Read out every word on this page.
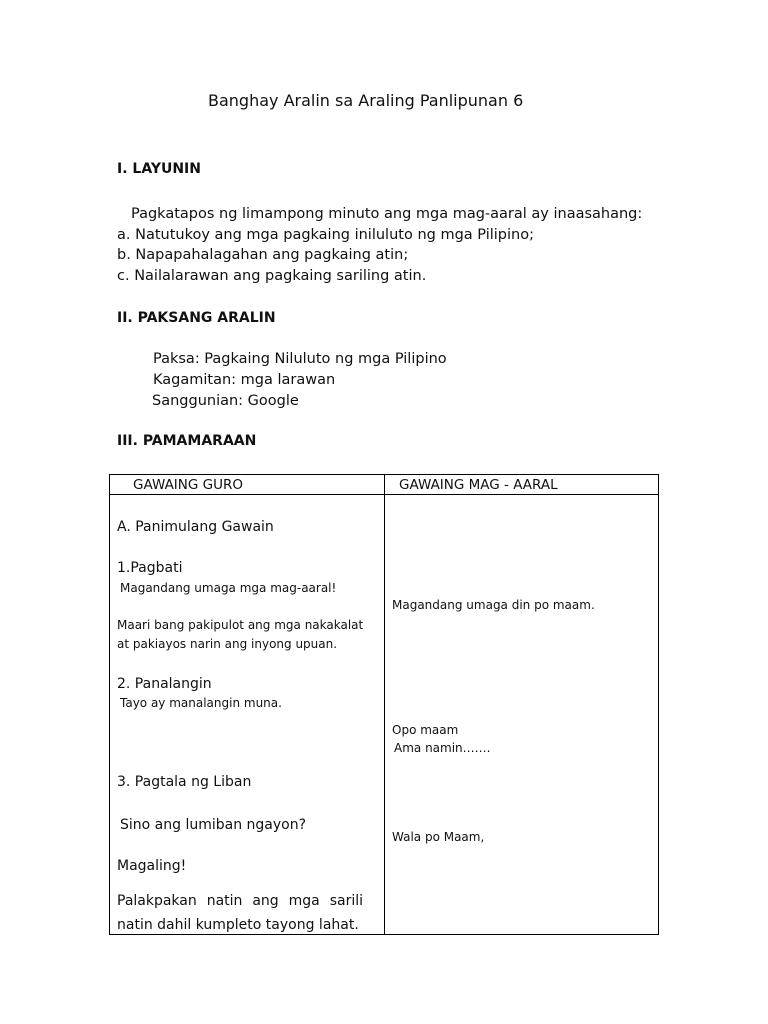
Banghay Aralin sa Araling Panlipunan 6
I. LAYUNIN
Pagkatapos ng limampong minuto ang mga mag-aaral ay inaasahang:
a. Natutukoy ang mga pagkaing iniluluto ng mga Pilipino;
b. Napapahalagahan ang pagkaing atin;
c. Nailalarawan ang pagkaing sariling atin.
II. PAKSANG ARALIN
Paksa: Pagkaing Niluluto ng mga Pilipino
Kagamitan: mga larawan
Sanggunian: Google
III. PAMAMARAAN
GAWAING GURO	GAWAING MAG - AARAL
A. Panimulang Gawain
1.Pagbati
Magandang umaga mga mag-aaral!
Maari bang pakipulot ang mga nakakalat
at pakiayos narin ang inyong upuan.
2. Panalangin
Tayo ay manalangin muna.
3. Pagtala ng Liban
Sino ang lumiban ngayon?
Magaling!
Palakpakan natin ang mga sarili natin dahil kumpleto tayong lahat.
Magandang umaga din po maam.
Opo maam
Ama namin…….
Wala po Maam,
